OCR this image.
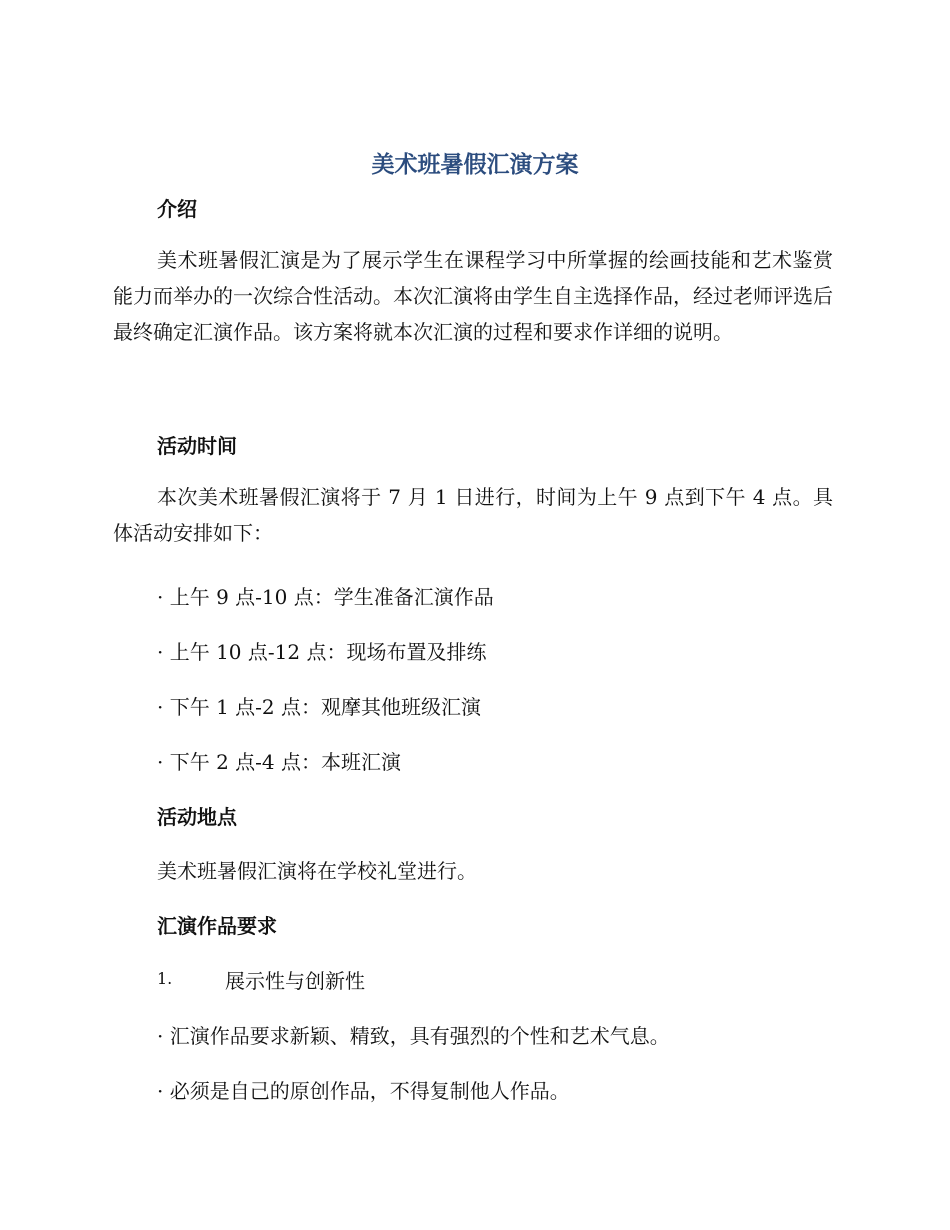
美术班暑假汇演方案
介绍
美术班暑假汇演是为了展示学生在课程学习中所掌握的绘画技能和艺术鉴赏能力而举办的一次综合性活动。本次汇演将由学生自主选择作品，经过老师评选后最终确定汇演作品。该方案将就本次汇演的过程和要求作详细的说明。
活动时间
本次美术班暑假汇演将于 7 月 1 日进行，时间为上午 9 点到下午 4 点。具体活动安排如下：
· 上午 9 点-10 点：学生准备汇演作品
· 上午 10 点-12 点：现场布置及排练
· 下午 1 点-2 点：观摩其他班级汇演
· 下午 2 点-4 点：本班汇演
活动地点
美术班暑假汇演将在学校礼堂进行。
汇演作品要求
1.	展示性与创新性
· 汇演作品要求新颖、精致，具有强烈的个性和艺术气息。
· 必须是自己的原创作品，不得复制他人作品。
